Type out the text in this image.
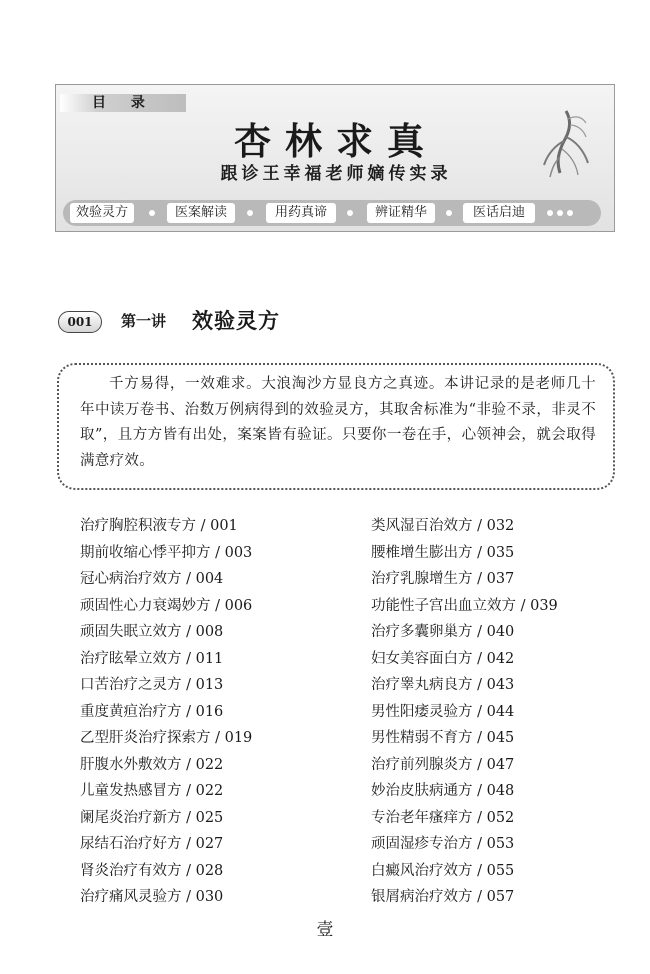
目 录
杏林求真
跟诊王幸福老师嫡传实录
效验灵方	医案解读	用药真谛	辨证精华	医话启迪
001	第一讲 效验灵方
千方易得，一效难求。大浪淘沙方显良方之真迹。本讲记录的是老师几十年中读万卷书、治数万例病得到的效验灵方，其取舍标准为“非验不录，非灵不取”，且方方皆有出处，案案皆有验证。只要你一卷在手，心领神会，就会取得满意疗效。
治疗胸腔积液专方 / 001
期前收缩心悸平抑方 / 003
冠心病治疗效方 / 004
顽固性心力衰竭妙方 / 006
顽固失眠立效方 / 008
治疗眩晕立效方 / 011
口苦治疗之灵方 / 013
重度黄疸治疗方 / 016
乙型肝炎治疗探索方 / 019
肝腹水外敷效方 / 022
儿童发热感冒方 / 022
阑尾炎治疗新方 / 025
尿结石治疗好方 / 027
肾炎治疗有效方 / 028
治疗痛风灵验方 / 030
类风湿百治效方 / 032
腰椎增生膨出方 / 035
治疗乳腺增生方 / 037
功能性子宫出血立效方 / 039
治疗多囊卵巢方 / 040
妇女美容面白方 / 042
治疗睾丸病良方 / 043
男性阳痿灵验方 / 044
男性精弱不育方 / 045
治疗前列腺炎方 / 047
妙治皮肤病通方 / 048
专治老年瘙痒方 / 052
顽固湿疹专治方 / 053
白癜风治疗效方 / 055
银屑病治疗效方 / 057
壹
